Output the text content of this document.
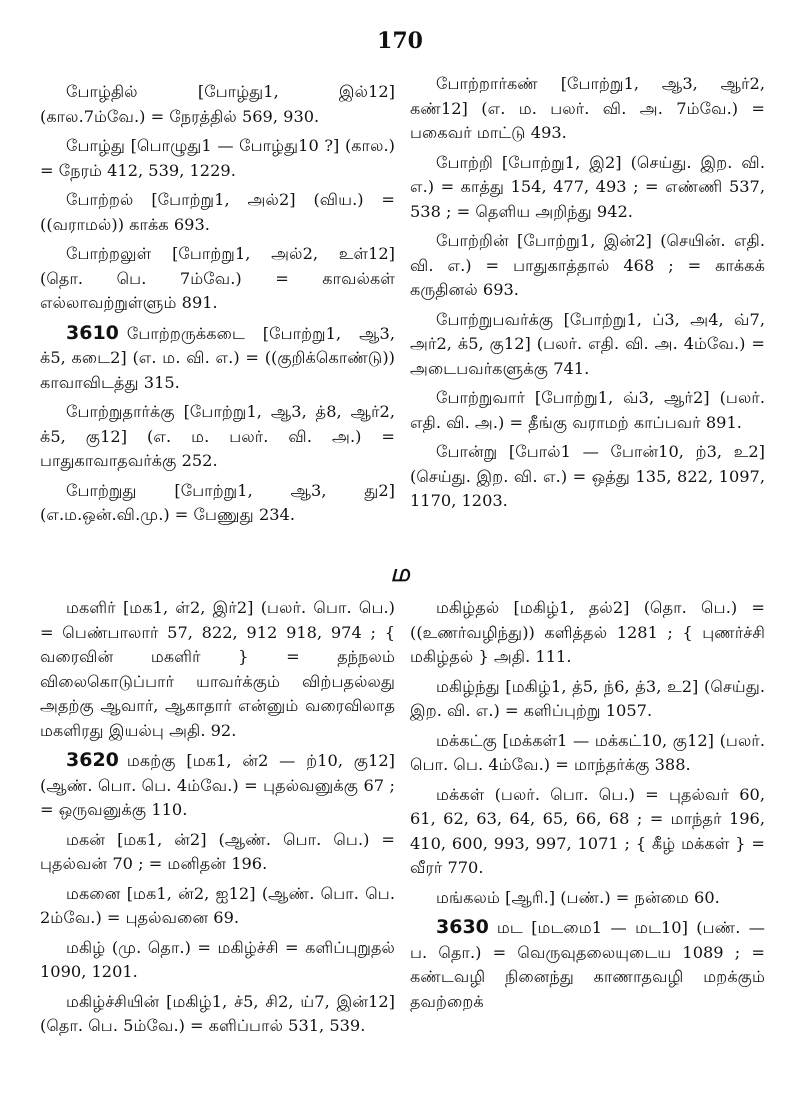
170

போழ்தில் [போழ்து1, இல்12] (கால.7ம்வே.) = நேரத்தில் 569, 930.

போழ்து [பொழுது1 — போழ்து10 ?] (கால.) = நேரம் 412, 539, 1229.

போற்றல் [போற்று1, அல்2] (விய.) = ((வராமல்)) காக்க 693.

போற்றலுள் [போற்று1, அல்2, உள்12] (தொ. பெ. 7ம்வே.) = காவல்கள் எல்லாவற்றுள்ளும் 891.

3610 போற்றருக்கடை [போற்று1, ஆ3, க்5, கடை2] (எ. ம. வி. எ.) = ((குறிக்கொண்டு)) காவாவிடத்து 315.

போற்றுதார்க்கு [போற்று1, ஆ3, த்8, ஆர்2, க்5, கு12] (எ. ம. பலர். வி. அ.) = பாதுகாவாதவர்க்கு 252.

போற்றுது [போற்று1, ஆ3, து2] (எ.ம.ஒன்.வி.மு.) = பேணுது 234.

போற்றார்கண் [போற்று1, ஆ3, ஆர்2, கண்12] (எ. ம. பலர். வி. அ. 7ம்வே.) = பகைவர் மாட்டு 493.

போற்றி [போற்று1, இ2] (செய்து. இற. வி. எ.) = காத்து 154, 477, 493 ; = எண்ணி 537, 538 ; = தெளிய அறிந்து 942.

போற்றின் [போற்று1, இன்2] (செயின். எதி. வி. எ.) = பாதுகாத்தால் 468 ; = காக்கக் கருதினல் 693.

போற்றுபவர்க்கு [போற்று1, ப்3, அ4, வ்7, அர்2, க்5, கு12] (பலர். எதி. வி. அ. 4ம்வே.) = அடைபவர்களுக்கு 741.

போற்றுவார் [போற்று1, வ்3, ஆர்2] (பலர். எதி. வி. அ.) = தீங்கு வராமற் காப்பவர் 891.

போன்று [போல்1 — போன்10, ற்3, உ2] (செய்து. இற. வி. எ.) = ஒத்து 135, 822, 1097, 1170, 1203.

ம

மகளிர் [மக1, ள்2, இர்2] (பலர். பொ. பெ.) = பெண்பாலார் 57, 822, 912 918, 974 ; { வரைவின் மகளிர் } = தந்நலம் விலைகொடுப்பார் யாவர்க்கும் விற்பதல்லது அதற்கு ஆவார், ஆகாதார் என்னும் வரைவிலாத மகளிரது இயல்பு அதி. 92.

3620 மகற்கு [மக1, ன்2 — ற்10, கு12] (ஆண். பொ. பெ. 4ம்வே.) = புதல்வனுக்கு 67 ; = ஒருவனுக்கு 110.

மகன் [மக1, ன்2] (ஆண். பொ. பெ.) = புதல்வன் 70 ; = மனிதன் 196.

மகனை [மக1, ன்2, ஐ12] (ஆண். பொ. பெ. 2ம்வே.) = புதல்வனை 69.

மகிழ் (மு. தொ.) = மகிழ்ச்சி = களிப்புறுதல் 1090, 1201.

மகிழ்ச்சியின் [மகிழ்1, ச்5, சி2, ய்7, இன்12] (தொ. பெ. 5ம்வே.) = களிப்பால் 531, 539.

மகிழ்தல் [மகிழ்1, தல்2] (தொ. பெ.) = ((உணர்வழிந்து)) களித்தல் 1281 ; { புணர்ச்சி மகிழ்தல் } அதி. 111.

மகிழ்ந்து [மகிழ்1, த்5, ந்6, த்3, உ2] (செய்து. இற. வி. எ.) = களிப்புற்று 1057.

மக்கட்கு [மக்கள்1 — மக்கட்10, கு12] (பலர். பொ. பெ. 4ம்வே.) = மாந்தர்க்கு 388.

மக்கள் (பலர். பொ. பெ.) = புதல்வர் 60, 61, 62, 63, 64, 65, 66, 68 ; = மாந்தர் 196, 410, 600, 993, 997, 1071 ; { கீழ் மக்கள் } = வீரர் 770.

மங்கலம் [ஆரி.] (பண்.) = நன்மை 60.

3630 மட [மடமை1 — மட10] (பண். — ப. தொ.) = வெருவுதலையுடைய 1089 ; = கண்டவழி நினைந்து காணாதவழி மறக்கும் தவற்றைக்
